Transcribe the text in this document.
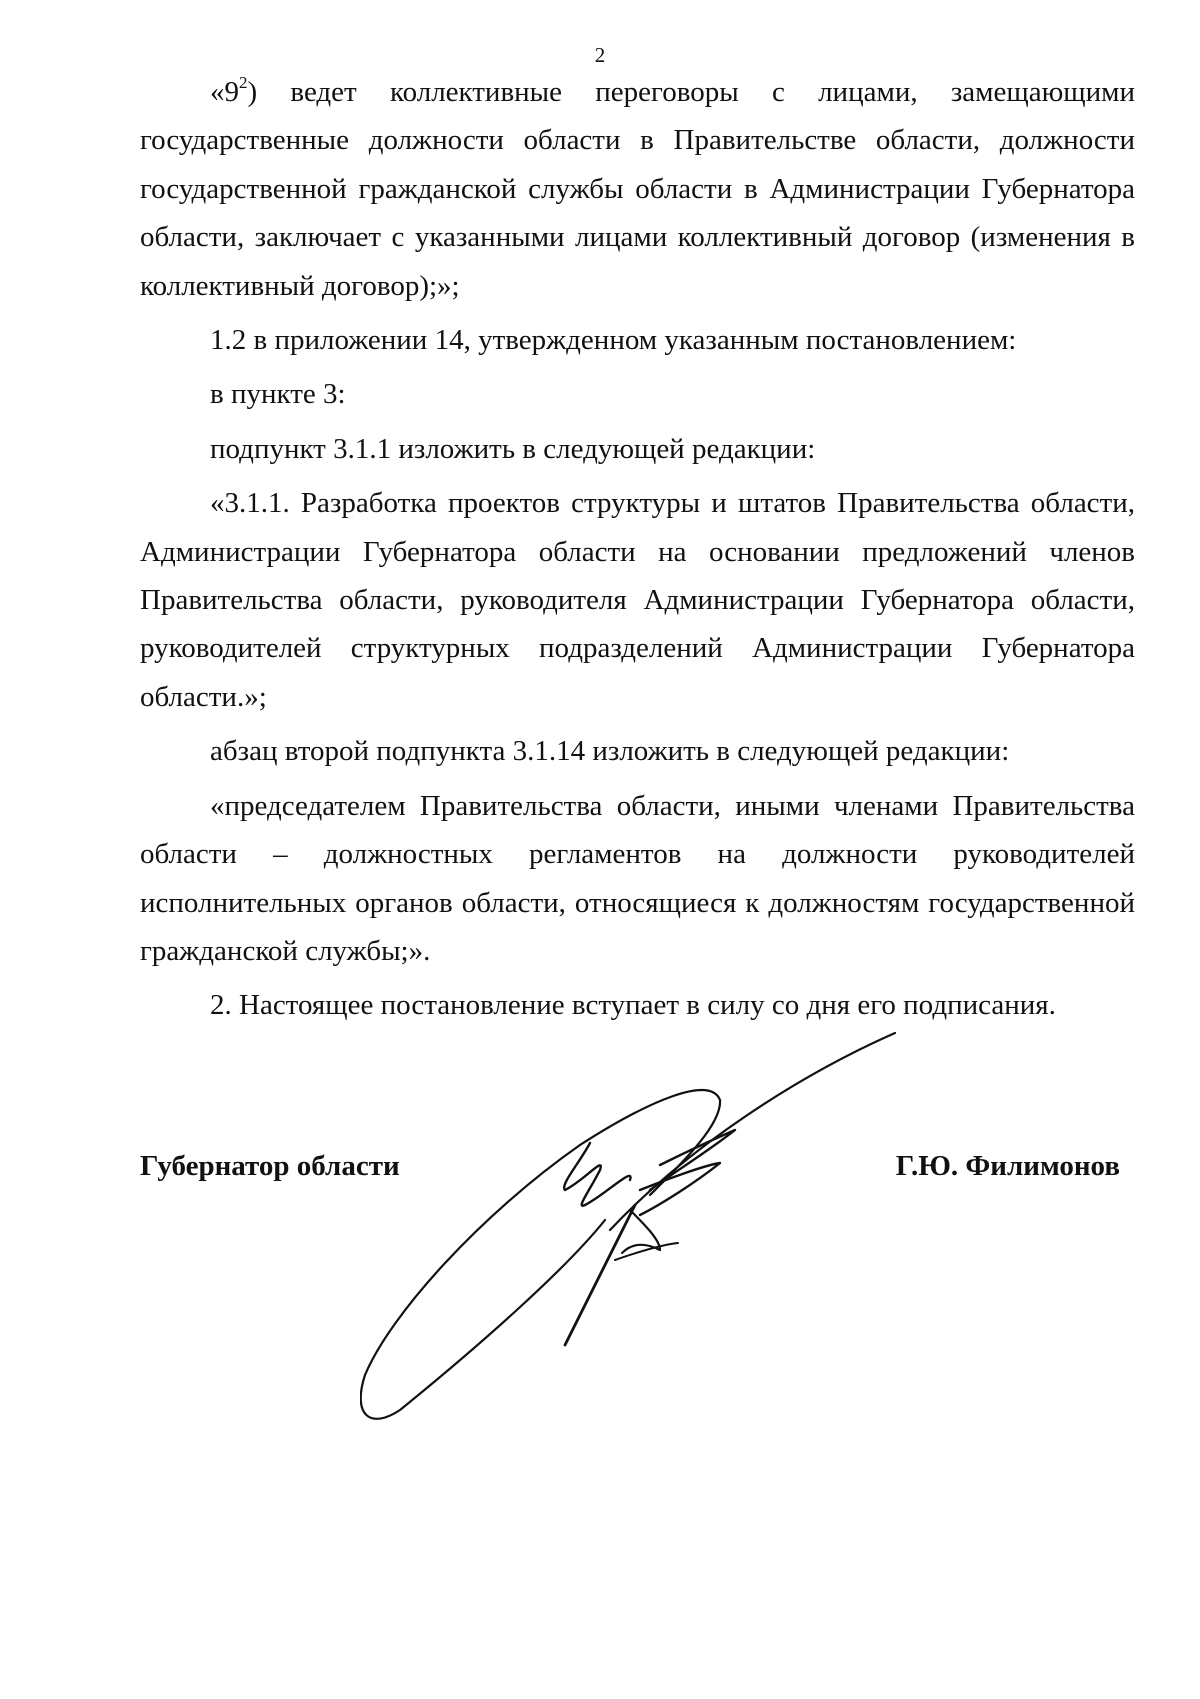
2

«$9^2$) ведет коллективные переговоры с лицами, замещающими государственные должности области в Правительстве области, должности государственной гражданской службы области в Администрации Губернатора области, заключает с указанными лицами коллективный договор (изменения в коллективный договор);»;

1.2 в приложении 14, утвержденном указанным постановлением:

в пункте 3:

подпункт 3.1.1 изложить в следующей редакции:

«3.1.1. Разработка проектов структуры и штатов Правительства области, Администрации Губернатора области на основании предложений членов Правительства области, руководителя Администрации Губернатора области, руководителей структурных подразделений Администрации Губернатора области.»;

абзац второй подпункта 3.1.14 изложить в следующей редакции:

«председателем Правительства области, иными членами Правительства области – должностных регламентов на должности руководителей исполнительных органов области, относящиеся к должностям государственной гражданской службы;».

2. Настоящее постановление вступает в силу со дня его подписания.

Губернатор области	Г.Ю. Филимонов
